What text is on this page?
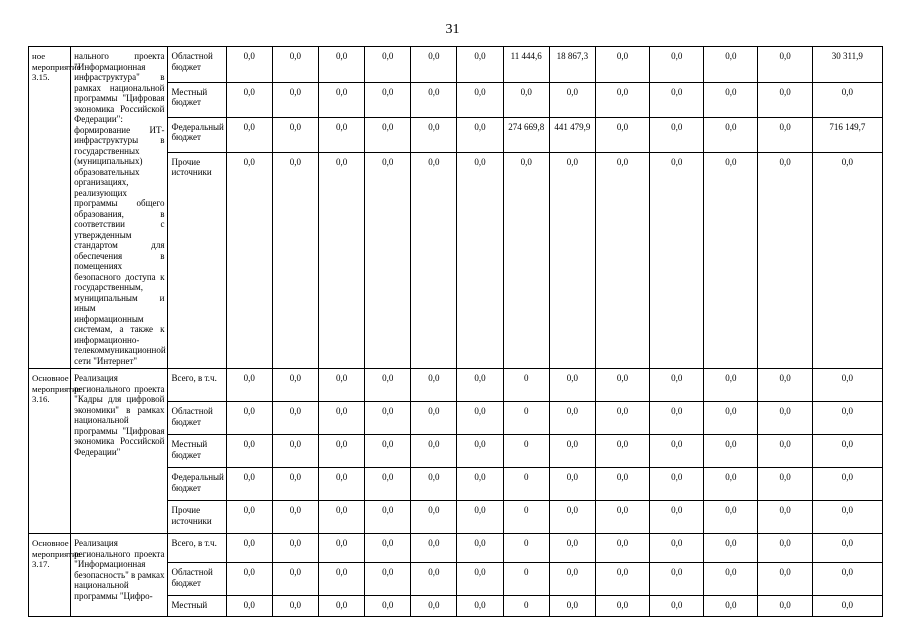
31
ное мероприятие 3.15.	нального проекта "Информационная инфраструктура" в рамках национальной программы "Цифровая экономика Российской Федерации": формирование ИТ-инфраструктуры в государственных (муниципальных) образовательных организациях, реализующих программы общего образования, в соответствии с утвержденным стандартом для обеспечения в помещениях безопасного доступа к государственным, муниципальным и иным информационным системам, а также к информационно-телекоммуникационной сети "Интернет"	Областной бюджет	0,0	0,0	0,0	0,0	0,0	0,0	11 444,6	18 867,3	0,0	0,0	0,0	0,0	30 311,9
		Местный бюджет	0,0	0,0	0,0	0,0	0,0	0,0	0,0	0,0	0,0	0,0	0,0	0,0	0,0
		Федеральный бюджет	0,0	0,0	0,0	0,0	0,0	0,0	274 669,8	441 479,9	0,0	0,0	0,0	0,0	716 149,7
		Прочие источники	0,0	0,0	0,0	0,0	0,0	0,0	0,0	0,0	0,0	0,0	0,0	0,0	0,0
Основное мероприятие 3.16.	Реализация регионального проекта "Кадры для цифровой экономики" в рамках национальной программы "Цифровая экономика Российской Федерации"	Всего, в т.ч.	0,0	0,0	0,0	0,0	0,0	0,0	0	0,0	0,0	0,0	0,0	0,0	0,0
		Областной бюджет	0,0	0,0	0,0	0,0	0,0	0,0	0	0,0	0,0	0,0	0,0	0,0	0,0
		Местный бюджет	0,0	0,0	0,0	0,0	0,0	0,0	0	0,0	0,0	0,0	0,0	0,0	0,0
		Федеральный бюджет	0,0	0,0	0,0	0,0	0,0	0,0	0	0,0	0,0	0,0	0,0	0,0	0,0
		Прочие источники	0,0	0,0	0,0	0,0	0,0	0,0	0	0,0	0,0	0,0	0,0	0,0	0,0
Основное мероприятие 3.17.	Реализация регионального проекта "Информационная безопасность" в рамках национальной программы "Цифро-	Всего, в т.ч.	0,0	0,0	0,0	0,0	0,0	0,0	0	0,0	0,0	0,0	0,0	0,0	0,0
		Областной бюджет	0,0	0,0	0,0	0,0	0,0	0,0	0	0,0	0,0	0,0	0,0	0,0	0,0
		Местный	0,0	0,0	0,0	0,0	0,0	0,0	0	0,0	0,0	0,0	0,0	0,0	0,0
